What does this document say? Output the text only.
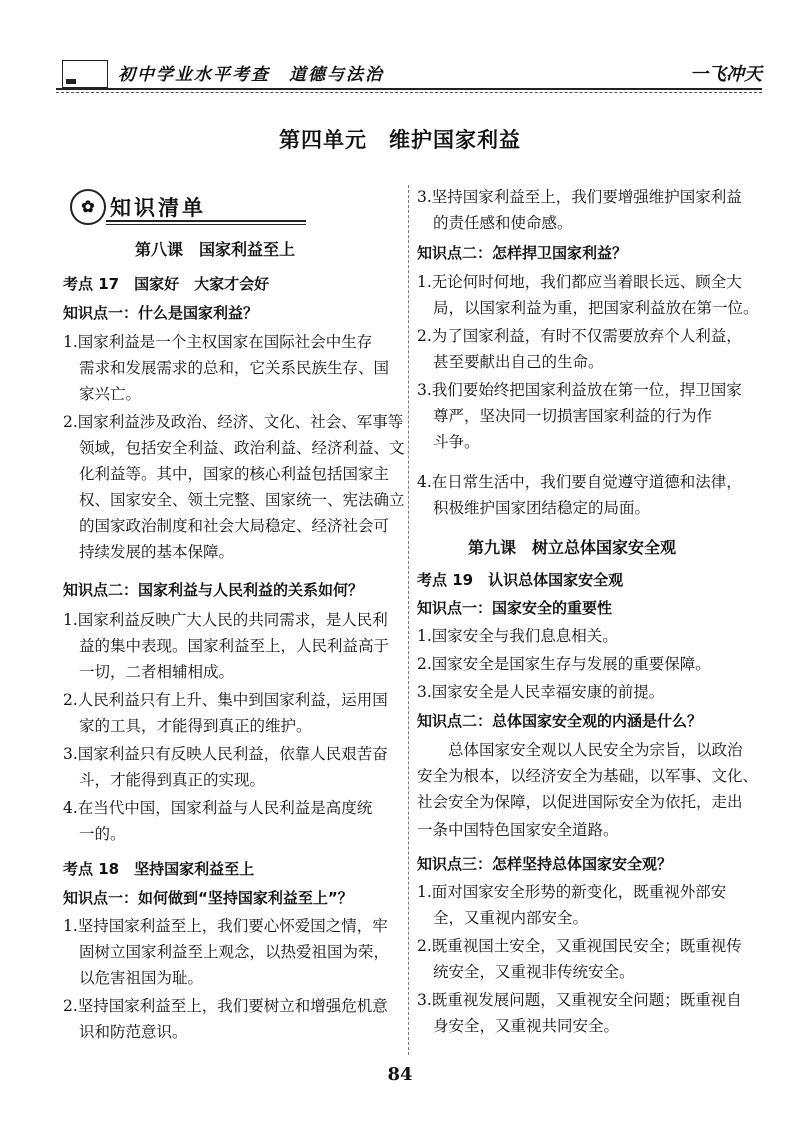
初中学业水平考查　道德与法治	一飞冲天
第四单元　维护国家利益
✿ 知识清单
第八课　国家利益至上
考点 17　国家好　大家才会好
知识点一：什么是国家利益？
1.国家利益是一个主权国家在国际社会中生存
需求和发展需求的总和，它关系民族生存、国
家兴亡。
2.国家利益涉及政治、经济、文化、社会、军事等
领域，包括安全利益、政治利益、经济利益、文
化利益等。其中，国家的核心利益包括国家主
权、国家安全、领土完整、国家统一、宪法确立
的国家政治制度和社会大局稳定、经济社会可
持续发展的基本保障。
知识点二：国家利益与人民利益的关系如何？
1.国家利益反映广大人民的共同需求，是人民利
益的集中表现。国家利益至上，人民利益高于
一切，二者相辅相成。
2.人民利益只有上升、集中到国家利益，运用国
家的工具，才能得到真正的维护。
3.国家利益只有反映人民利益，依靠人民艰苦奋
斗，才能得到真正的实现。
4.在当代中国，国家利益与人民利益是高度统
一的。
考点 18　坚持国家利益至上
知识点一：如何做到“坚持国家利益至上”？
1.坚持国家利益至上，我们要心怀爱国之情，牢
固树立国家利益至上观念，以热爱祖国为荣，
以危害祖国为耻。
2.坚持国家利益至上，我们要树立和增强危机意
识和防范意识。
3.坚持国家利益至上，我们要增强维护国家利益
的责任感和使命感。
知识点二：怎样捍卫国家利益？
1.无论何时何地，我们都应当着眼长远、顾全大
局，以国家利益为重，把国家利益放在第一位。
2.为了国家利益，有时不仅需要放弃个人利益，
甚至要献出自己的生命。
3.我们要始终把国家利益放在第一位，捍卫国家
尊严，坚决同一切损害国家利益的行为作
斗争。
4.在日常生活中，我们要自觉遵守道德和法律，
积极维护国家团结稳定的局面。
第九课　树立总体国家安全观
考点 19　认识总体国家安全观
知识点一：国家安全的重要性
1.国家安全与我们息息相关。
2.国家安全是国家生存与发展的重要保障。
3.国家安全是人民幸福安康的前提。
知识点二：总体国家安全观的内涵是什么？
总体国家安全观以人民安全为宗旨，以政治
安全为根本，以经济安全为基础，以军事、文化、
社会安全为保障，以促进国际安全为依托，走出
一条中国特色国家安全道路。
知识点三：怎样坚持总体国家安全观？
1.面对国家安全形势的新变化，既重视外部安
全，又重视内部安全。
2.既重视国土安全，又重视国民安全；既重视传
统安全，又重视非传统安全。
3.既重视发展问题，又重视安全问题；既重视自
身安全，又重视共同安全。
84
